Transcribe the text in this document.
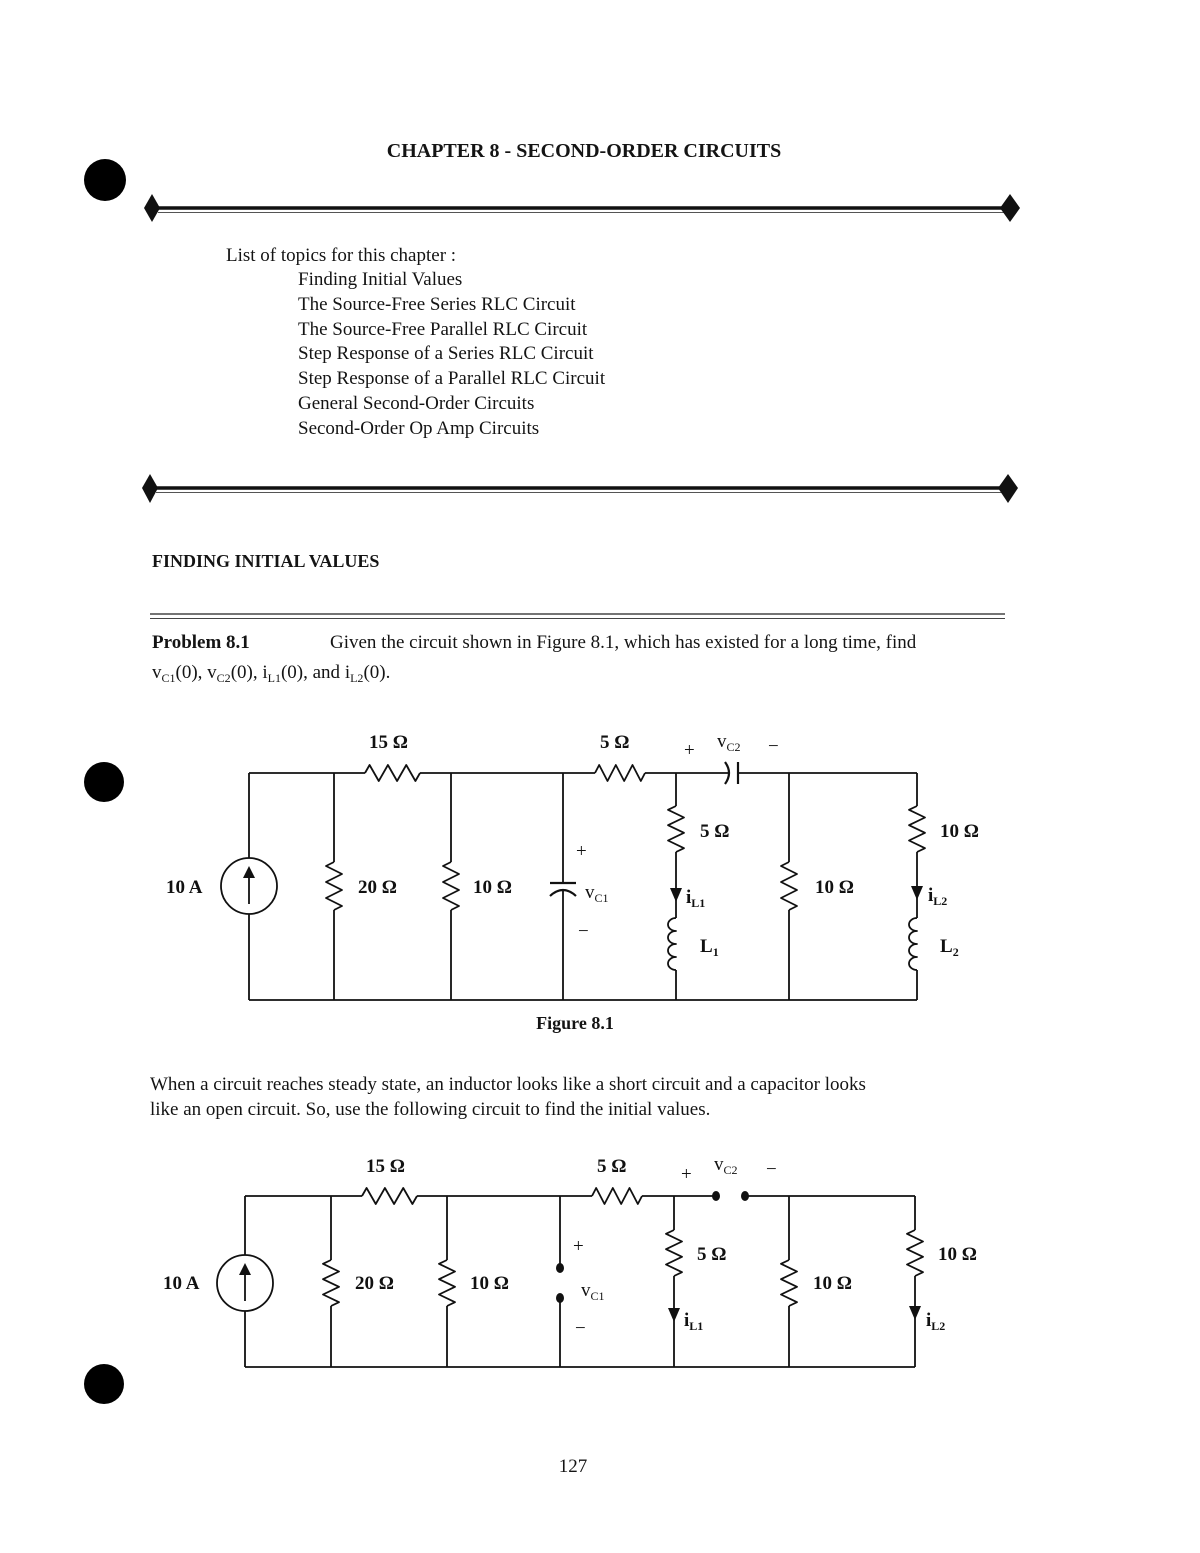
CHAPTER 8 - SECOND-ORDER CIRCUITS
List of topics for this chapter :
Finding Initial Values
The Source-Free Series RLC Circuit
The Source-Free Parallel RLC Circuit
Step Response of a Series RLC Circuit
Step Response of a Parallel RLC Circuit
General Second-Order Circuits
Second-Order Op Amp Circuits
FINDING INITIAL VALUES
Problem 8.1	Given the circuit shown in Figure 8.1, which has existed for a long time, find
$v_{C1}(0)$, $v_{C2}(0)$, $i_{L1}(0)$, and $i_{L2}(0)$.
10 A
15 Ω	5 Ω
20 Ω	10 Ω
5 Ω
10 Ω
10 Ω
+ $v_{C2}$ −
+
$v_{C1}$
−
$i_{L1}$	$i_{L2}$
$L_1$	$L_2$
Figure 8.1
When a circuit reaches steady state, an inductor looks like a short circuit and a capacitor looks
like an open circuit. So, use the following circuit to find the initial values.
10 A
15 Ω	5 Ω
20 Ω	10 Ω
5 Ω
10 Ω
10 Ω
+ $v_{C2}$ −
+
$v_{C1}$
−	$i_{L1}$	$i_{L2}$
127
